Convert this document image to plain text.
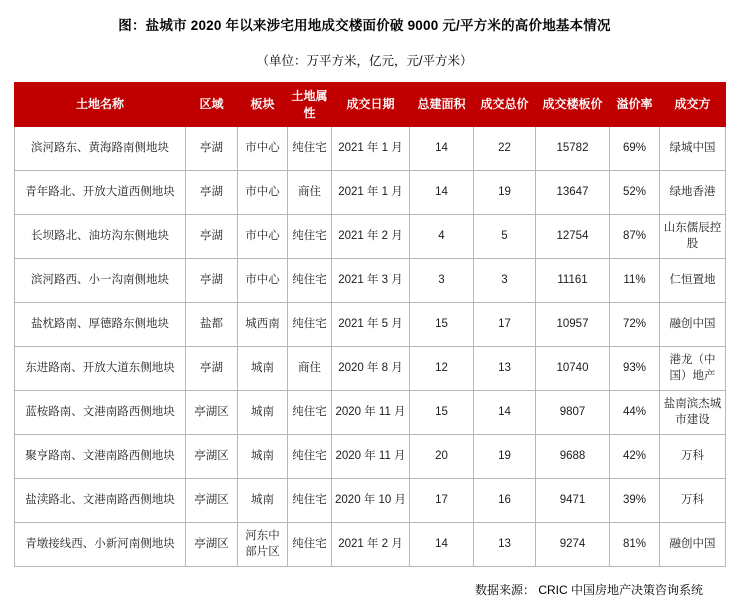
图：盐城市 2020 年以来涉宅用地成交楼面价破 9000 元/平方米的高价地基本情况
（单位：万平方米，亿元，元/平方米）
土地名称	区域	板块	土地属性	成交日期	总建面积	成交总价	成交楼板价	溢价率	成交方
滨河路东、黄海路南侧地块	亭湖	市中心	纯住宅	2021 年 1 月	14	22	15782	69%	绿城中国
青年路北、开放大道西侧地块	亭湖	市中心	商住	2021 年 1 月	14	19	13647	52%	绿地香港
长坝路北、油坊沟东侧地块	亭湖	市中心	纯住宅	2021 年 2 月	4	5	12754	87%	山东儒辰控股
滨河路西、小一沟南侧地块	亭湖	市中心	纯住宅	2021 年 3 月	3	3	11161	11%	仁恒置地
盐枕路南、厚德路东侧地块	盐都	城西南	纯住宅	2021 年 5 月	15	17	10957	72%	融创中国
东进路南、开放大道东侧地块	亭湖	城南	商住	2020 年 8 月	12	13	10740	93%	港龙（中国）地产
蓝桉路南、文港南路西侧地块	亭湖区	城南	纯住宅	2020 年 11 月	15	14	9807	44%	盐南滨杰城市建设
聚亨路南、文港南路西侧地块	亭湖区	城南	纯住宅	2020 年 11 月	20	19	9688	42%	万科
盐渎路北、文港南路西侧地块	亭湖区	城南	纯住宅	2020 年 10 月	17	16	9471	39%	万科
青墩接线西、小新河南侧地块	亭湖区	河东中部片区	纯住宅	2021 年 2 月	14	13	9274	81%	融创中国
数据来源： CRIC 中国房地产决策咨询系统
